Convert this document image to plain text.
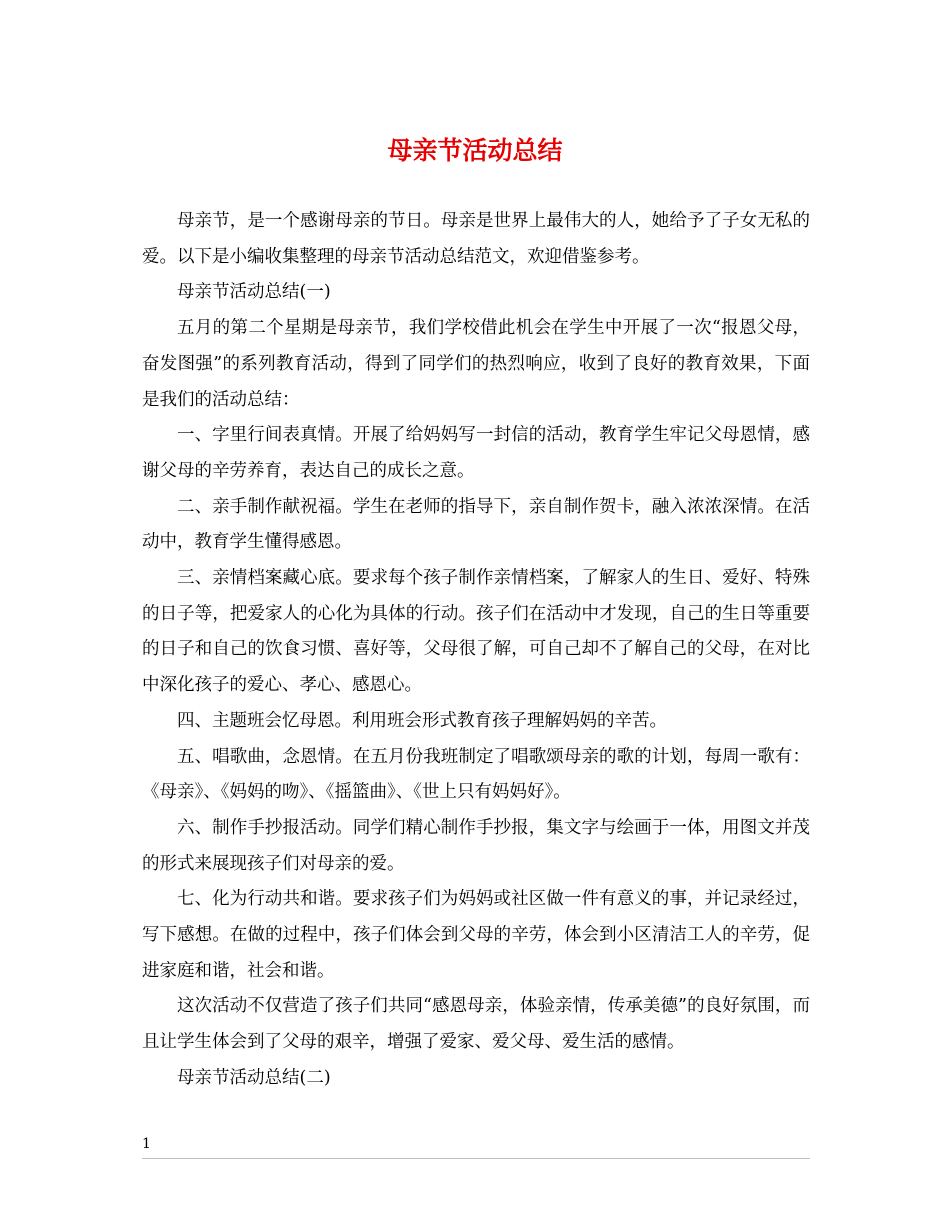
母亲节活动总结

母亲节，是一个感谢母亲的节日。母亲是世界上最伟大的人，她给予了子女无私的爱。以下是小编收集整理的母亲节活动总结范文，欢迎借鉴参考。

母亲节活动总结(一)

五月的第二个星期是母亲节，我们学校借此机会在学生中开展了一次“报恩父母，奋发图强”的系列教育活动，得到了同学们的热烈响应，收到了良好的教育效果，下面是我们的活动总结：

一、字里行间表真情。开展了给妈妈写一封信的活动，教育学生牢记父母恩情，感谢父母的辛劳养育，表达自己的成长之意。

二、亲手制作献祝福。学生在老师的指导下，亲自制作贺卡，融入浓浓深情。在活动中，教育学生懂得感恩。

三、亲情档案藏心底。要求每个孩子制作亲情档案，了解家人的生日、爱好、特殊的日子等，把爱家人的心化为具体的行动。孩子们在活动中才发现，自己的生日等重要的日子和自己的饮食习惯、喜好等，父母很了解，可自己却不了解自己的父母，在对比中深化孩子的爱心、孝心、感恩心。

四、主题班会忆母恩。利用班会形式教育孩子理解妈妈的辛苦。

五、唱歌曲，念恩情。在五月份我班制定了唱歌颂母亲的歌的计划，每周一歌有：《母亲》、《妈妈的吻》、《摇篮曲》、《世上只有妈妈好》。

六、制作手抄报活动。同学们精心制作手抄报，集文字与绘画于一体，用图文并茂的形式来展现孩子们对母亲的爱。

七、化为行动共和谐。要求孩子们为妈妈或社区做一件有意义的事，并记录经过，写下感想。在做的过程中，孩子们体会到父母的辛劳，体会到小区清洁工人的辛劳，促进家庭和谐，社会和谐。

这次活动不仅营造了孩子们共同“感恩母亲，体验亲情，传承美德”的良好氛围，而且让学生体会到了父母的艰辛，增强了爱家、爱父母、爱生活的感情。

母亲节活动总结(二)

1
